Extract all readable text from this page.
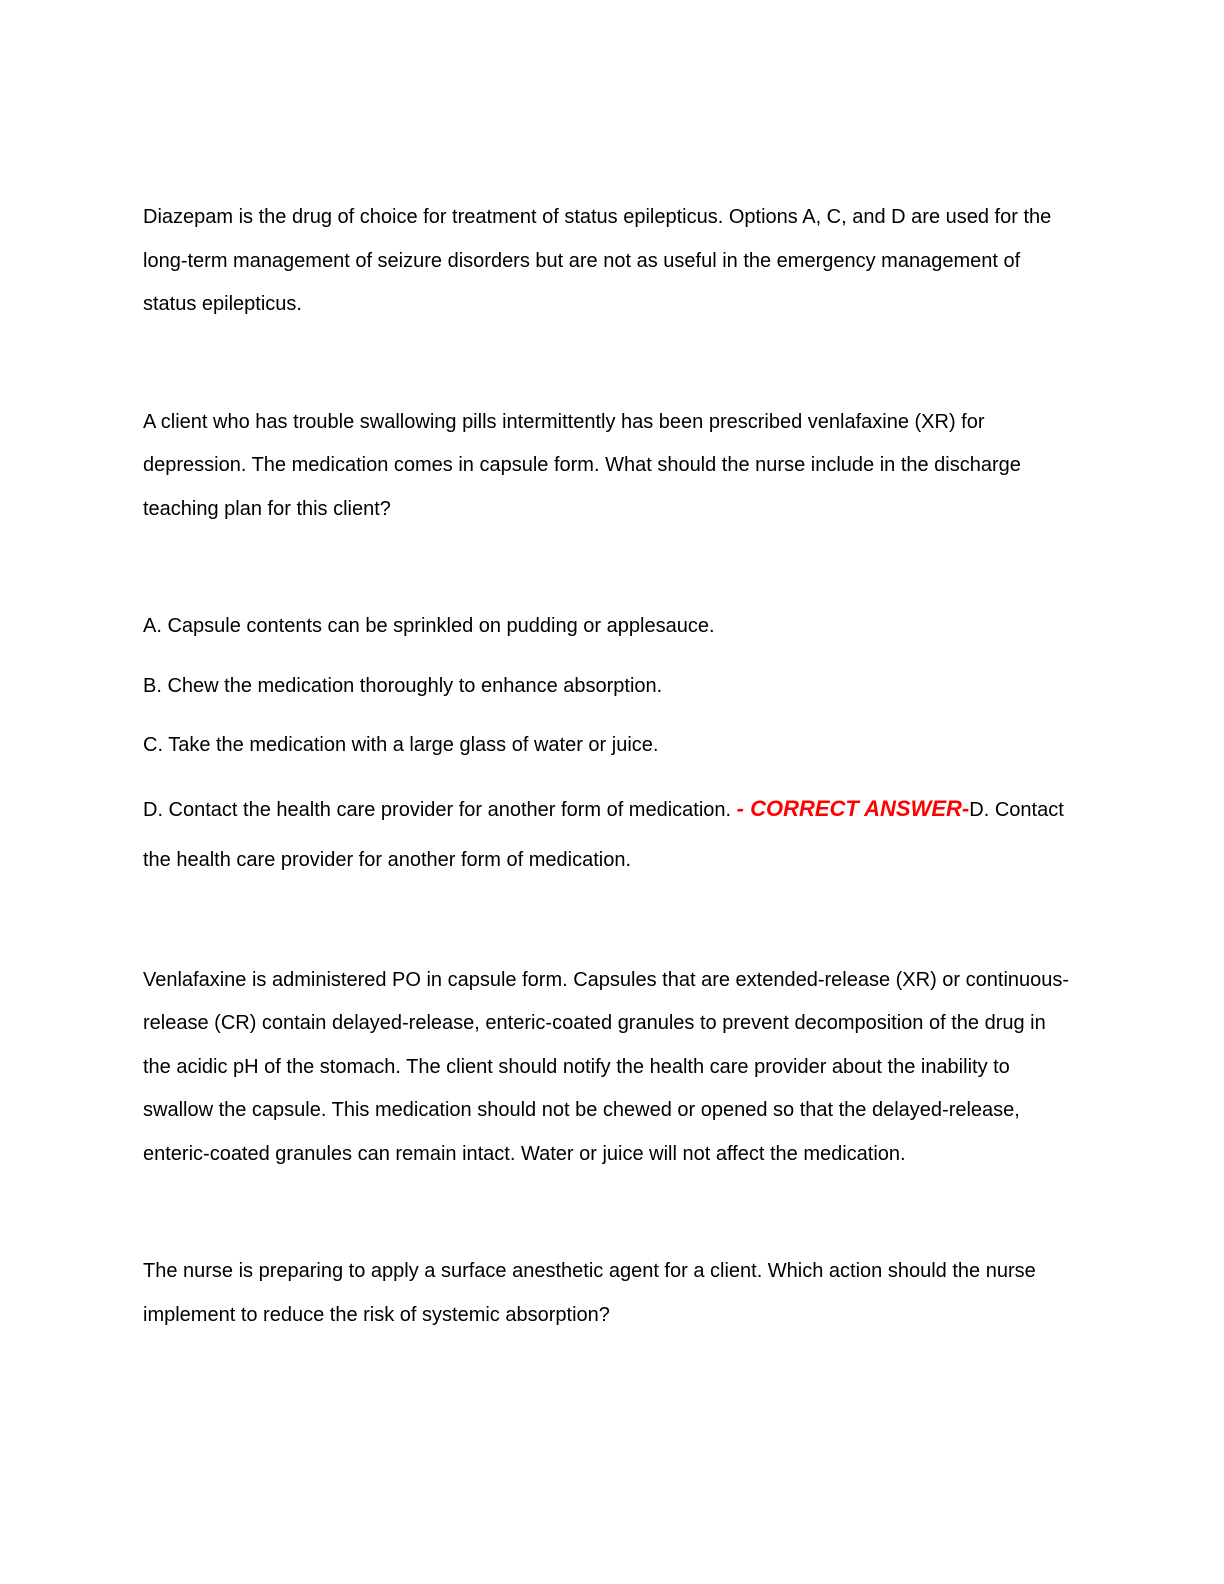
Diazepam is the drug of choice for treatment of status epilepticus. Options A, C, and D are used for the long-term management of seizure disorders but are not as useful in the emergency management of status epilepticus.

A client who has trouble swallowing pills intermittently has been prescribed venlafaxine (XR) for depression. The medication comes in capsule form. What should the nurse include in the discharge teaching plan for this client?

A. Capsule contents can be sprinkled on pudding or applesauce.

B. Chew the medication thoroughly to enhance absorption.

C. Take the medication with a large glass of water or juice.

D. Contact the health care provider for another form of medication. - CORRECT ANSWER-D. Contact the health care provider for another form of medication.

Venlafaxine is administered PO in capsule form. Capsules that are extended-release (XR) or continuous-release (CR) contain delayed-release, enteric-coated granules to prevent decomposition of the drug in the acidic pH of the stomach. The client should notify the health care provider about the inability to swallow the capsule. This medication should not be chewed or opened so that the delayed-release, enteric-coated granules can remain intact. Water or juice will not affect the medication.

The nurse is preparing to apply a surface anesthetic agent for a client. Which action should the nurse implement to reduce the risk of systemic absorption?
